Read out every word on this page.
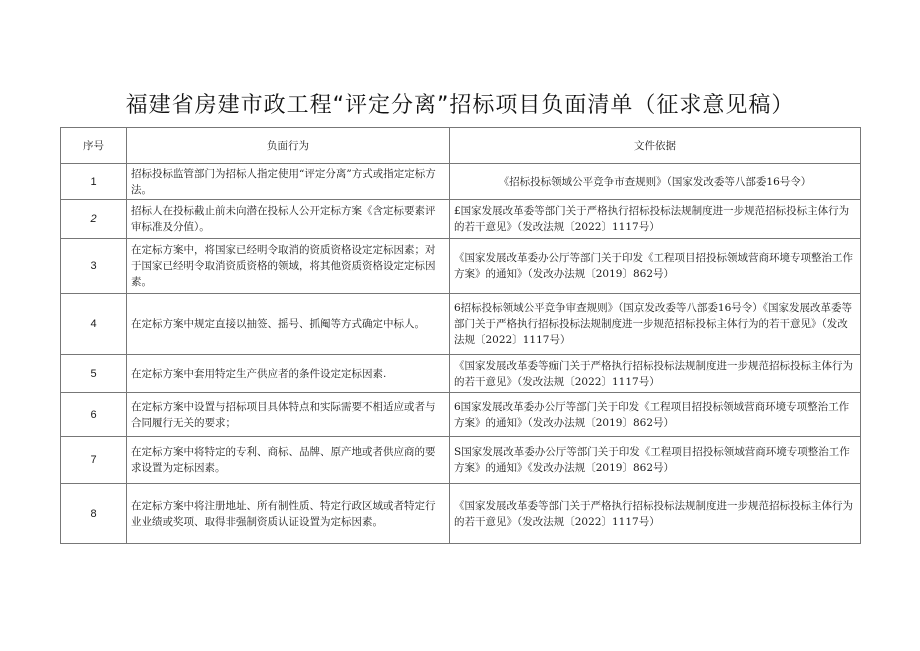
福建省房建市政工程“评定分离”招标项目负面清单（征求意见稿）
序号	负面行为	文件依据
1	招标投标监管部门为招标人指定使用“评定分离”方式或指定定标方法。	《招标投标领域公平竞争市查规则》（国家发改委等八部委16号令）
2	招标人在投标截止前未向潜在投标人公开定标方案《含定标要素评审标准及分值）。	£国家发展改革委等部门关于严格执行招标投标法规制度进一步规范招标投标主体行为的若干意见》（发改法规〔2022〕1117号）
3	在定标方案中，将国家已经明令取消的资质资格设定定标因素；对于国家已经明令取消资质资格的领域，将其他资质资格设定定标因素。	《国家发展改革委办公厅等部门关于印发《工程项目招投标领域营商环境专项整治工作方案》的通知》（发改办法规〔2019〕862号）
4	在定标方案中规定直接以抽签、摇号、抓阄等方式确定中标人。	6招标投标领域公平竞争审查规则》（国京发改委等八部委16号令）《国家发展改革委等部门关于严格执行招标投标法规制度进一步规范招标投标主体行为的若干意见》（发改法规〔2022〕1117号）
5	在定标方案中套用特定生产供应者的条件设定定标因素.	《国家发展改革委等痂门关于严格执行招标投标法规制度进一步规范招标投标主体行为的若干意见》（发改法规〔2022〕1117号）
6	在定标方案中设置与招标项目具体特点和实际需要不相适应或者与合同履行无关的要求；	6国家发展改革委办公厅等部门关于印发《工程项目招投标领域营商环境专项整治工作方案》的通知》（发改办法规〔2019〕862号）
7	在定标方案中将特定的专利、商标、品牌、原产地或者供应商的要求设置为定标因素。	S国家发展改革委办公厅等部门关于印发《工程项目招投标领域营商环境专项整治工作方案》的通知》《发改办法规〔2019〕862号）
8	在定标方案中将注册地址、所有制性质、特定行政区域或者特定行业业绩或奖项、取得非强制资质认证设置为定标因素。	《国家发展改革委等部门关于严格执行招标投标法规制度进一步规范招标投标主体行为的若干意见》（发改法规〔2022〕1117号）
